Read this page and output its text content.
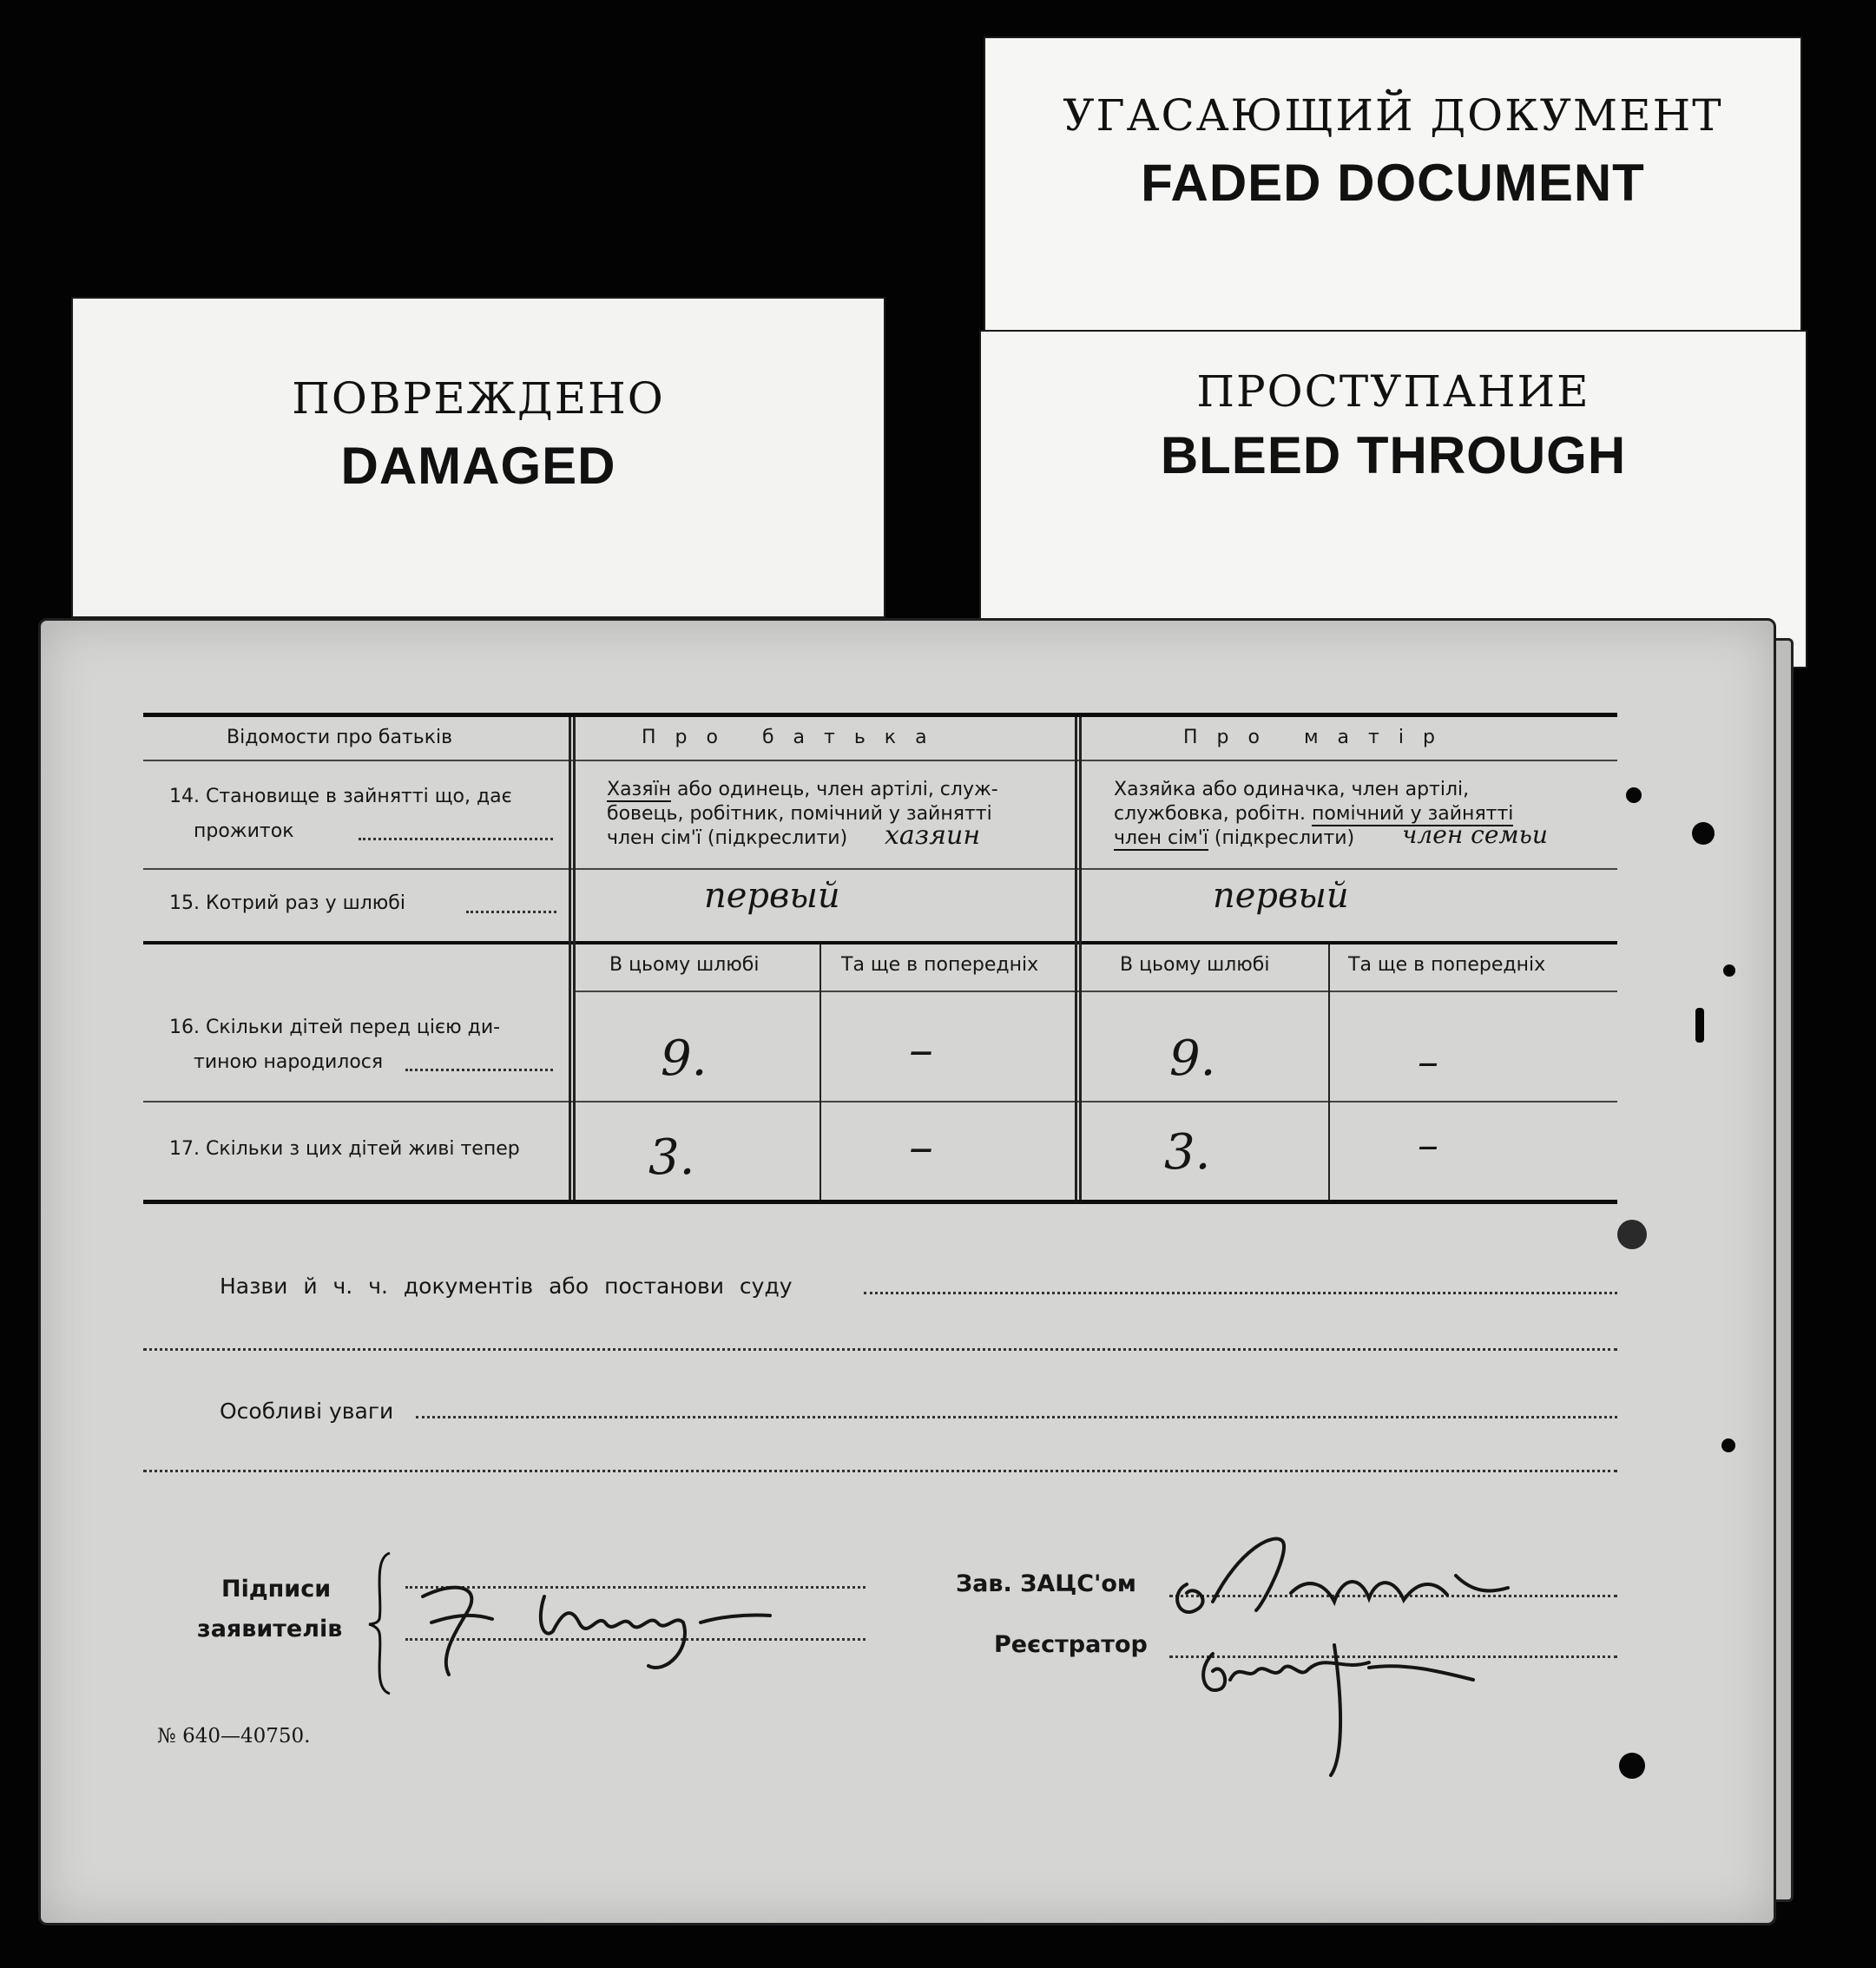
УГАСАЮЩИЙ ДОКУМЕНТ
FADED DOCUMENT
ПРОСТУПАНИЕ
BLEED THROUGH
ПОВРЕЖДЕНО
DAMAGED
Відомости про батьків	Про батька	Про матір
14. Становище в зайнятті що, дає
прожиток
Хазяїн або одинець, член артілі, служ-
бовець, робітник, помічний у зайнятті
член сім'ї (підкреслити) хазяин
Хазяйка або одиначка, член артілі,
службовка, робітн. помічний у зайнятті
член сім'ї (підкреслити) член семьи
15. Котрий раз у шлюбі	первый	первый
В цьому шлюбі	Та ще в попередніх	В цьому шлюбі	Та ще в попередніх
16. Скільки дітей перед цією ди-
тиною народилося	9.	–	9.	–
17. Скільки з цих дітей живі тепер	3.	–	3.	–
Назви й ч. ч. документів або постанови суду
Особливі уваги
Підписи
заявителів
Зав. ЗАЦС'ом
Реєстратор
№ 640—40750.
